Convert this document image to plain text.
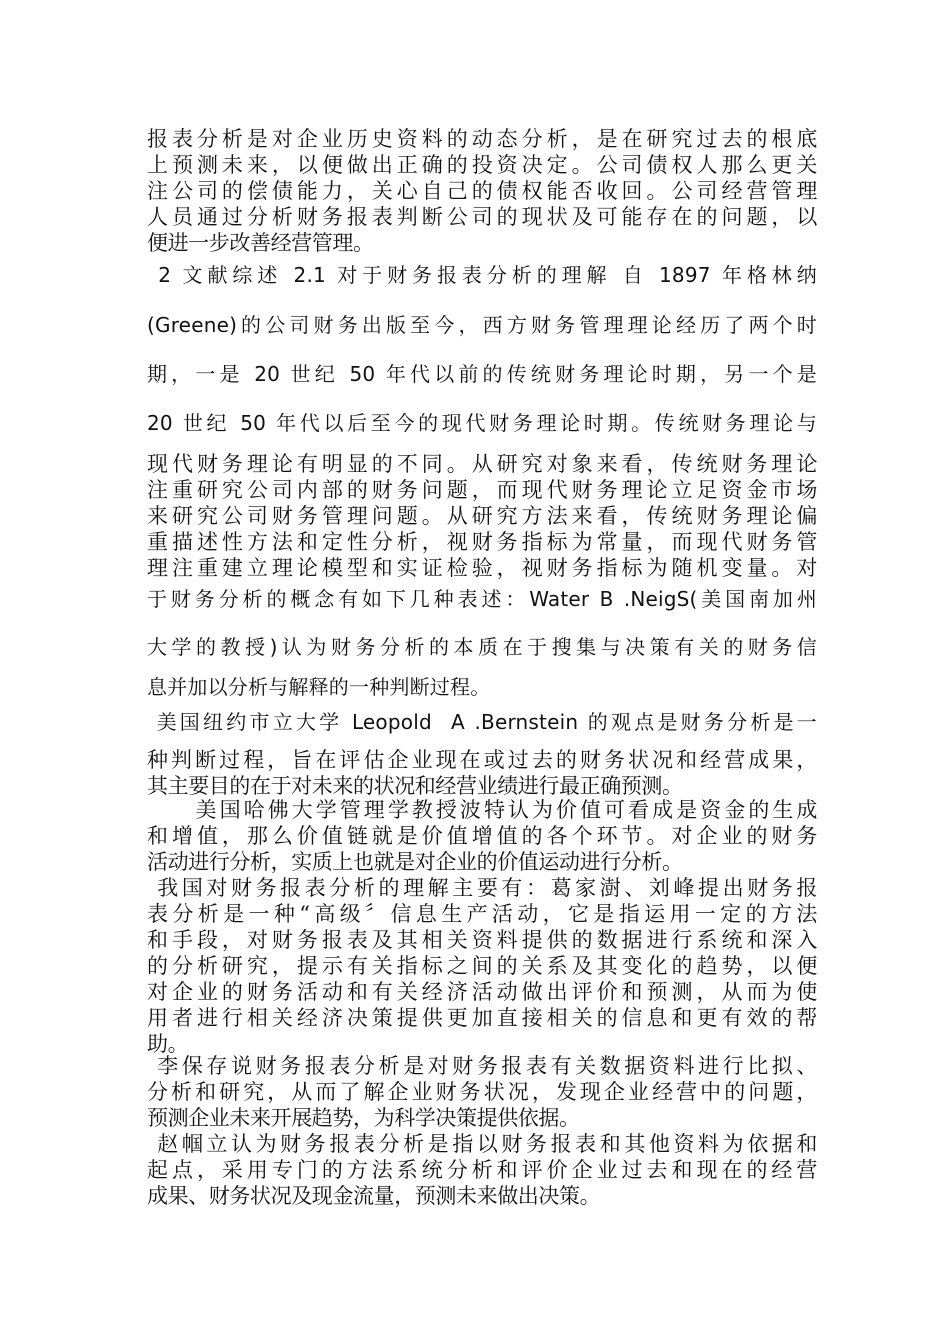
报表分析是对企业历史资料的动态分析，是在研究过去的根底
上预测未来，以便做出正确的投资决定。公司债权人那么更关
注公司的偿债能力，关心自己的债权能否收回。公司经营管理
人员通过分析财务报表判断公司的现状及可能存在的问题，以
便进一步改善经营管理。
2 文献综述 2.1 对于财务报表分析的理解 自 1897 年格林纳
(Greene)的公司财务出版至今，西方财务管理理论经历了两个时
期，一是 20 世纪 50 年代以前的传统财务理论时期，另一个是
20 世纪 50 年代以后至今的现代财务理论时期。传统财务理论与
现代财务理论有明显的不同。从研究对象来看，传统财务理论
注重研究公司内部的财务问题，而现代财务理论立足资金市场
来研究公司财务管理问题。从研究方法来看，传统财务理论偏
重描述性方法和定性分析，视财务指标为常量，而现代财务管
理注重建立理论模型和实证检验，视财务指标为随机变量。对
于财务分析的概念有如下几种表述：Water B .NeigS(美国南加州
大学的教授)认为财务分析的本质在于搜集与决策有关的财务信
息并加以分析与解释的一种判断过程。
美国纽约市立大学 Leopold  A .Bernstein 的观点是财务分析是一
种判断过程，旨在评估企业现在或过去的财务状况和经营成果，
其主要目的在于对未来的状况和经营业绩进行最正确预测。
美国哈佛大学管理学教授波特认为价值可看成是资金的生成
和增值，那么价值链就是价值增值的各个环节。对企业的财务
活动进行分析，实质上也就是对企业的价值运动进行分析。
我国对财务报表分析的理解主要有：葛家澍、刘峰提出财务报
表分析是一种“高级〞信息生产活动，它是指运用一定的方法
和手段，对财务报表及其相关资料提供的数据进行系统和深入
的分析研究，提示有关指标之间的关系及其变化的趋势，以便
对企业的财务活动和有关经济活动做出评价和预测，从而为使
用者进行相关经济决策提供更加直接相关的信息和更有效的帮
助。
李保存说财务报表分析是对财务报表有关数据资料进行比拟、
分析和研究，从而了解企业财务状况，发现企业经营中的问题，
预测企业未来开展趋势，为科学决策提供依据。
赵帼立认为财务报表分析是指以财务报表和其他资料为依据和
起点，采用专门的方法系统分析和评价企业过去和现在的经营
成果、财务状况及现金流量，预测未来做出决策。
